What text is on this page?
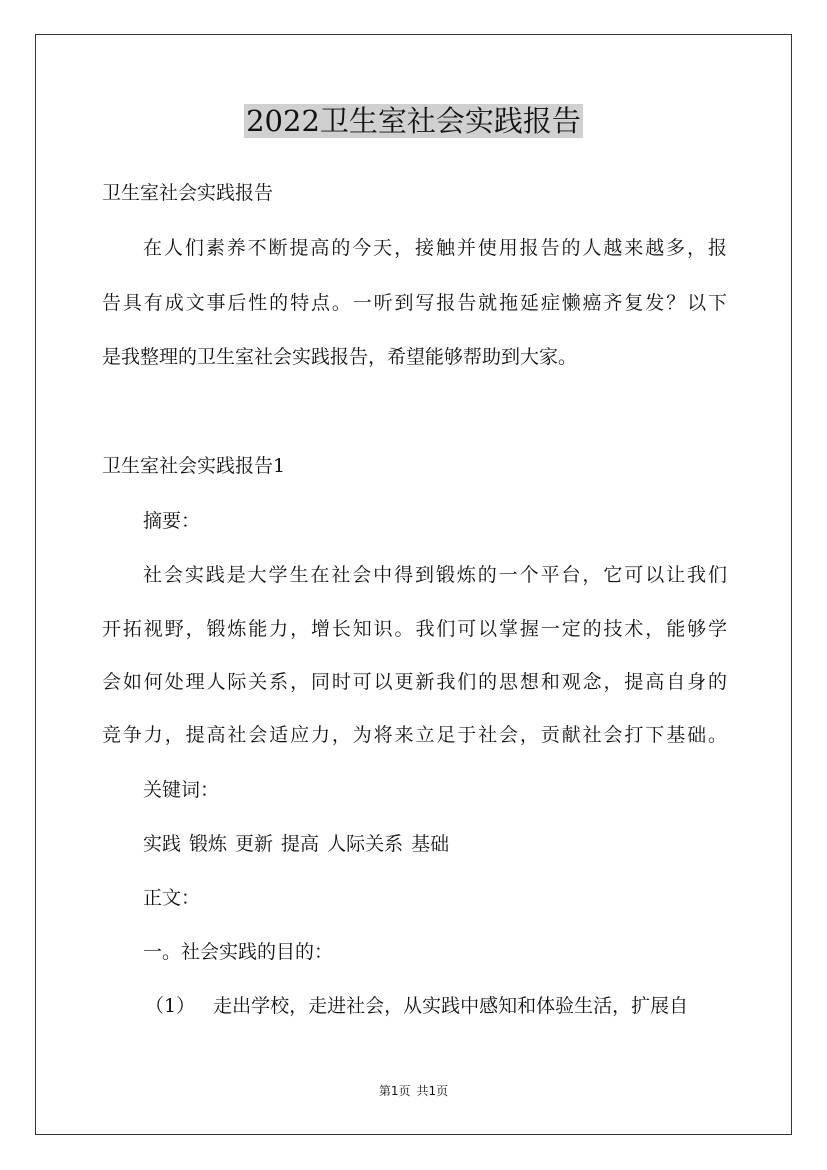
2022卫生室社会实践报告

卫生室社会实践报告

在人们素养不断提高的今天，接触并使用报告的人越来越多，报

告具有成文事后性的特点。一听到写报告就拖延症懒癌齐复发？以下

是我整理的卫生室社会实践报告，希望能够帮助到大家。

卫生室社会实践报告1

摘要：

社会实践是大学生在社会中得到锻炼的一个平台，它可以让我们

开拓视野，锻炼能力，增长知识。我们可以掌握一定的技术，能够学

会如何处理人际关系，同时可以更新我们的思想和观念，提高自身的

竞争力，提高社会适应力，为将来立足于社会，贡献社会打下基础。

关键词：

实践 锻炼 更新 提高 人际关系 基础

正文：

一。社会实践的目的：

（1） 走出学校，走进社会，从实践中感知和体验生活，扩展自

第1页 共1页
